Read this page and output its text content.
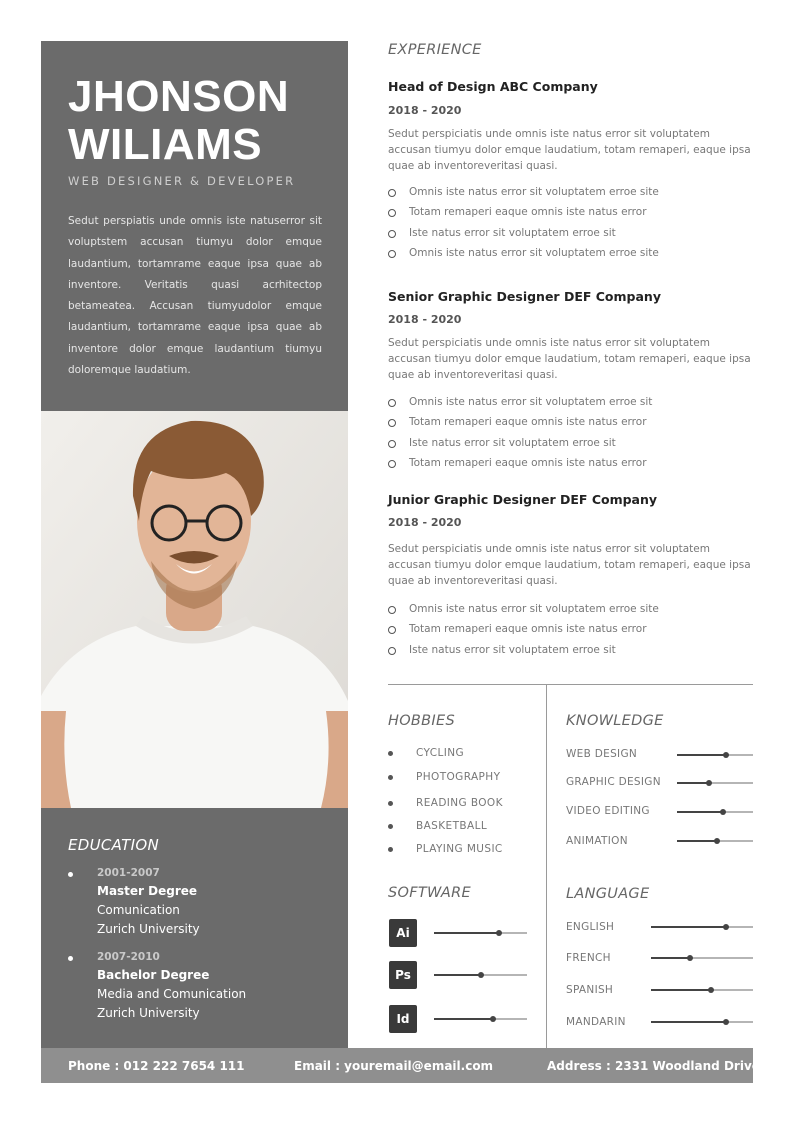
JHONSON
WILIAMS
WEB DESIGNER & DEVELOPER
Sedut perspiatis unde omnis iste natuserror sit voluptstem accusan tiumyu dolor emque laudantium, tortamrame eaque ipsa quae ab inventore. Veritatis quasi acrhitectop betameatea. Accusan tiumyudolor emque laudantium, tortamrame eaque ipsa quae ab inventore dolor emque laudantium tiumyu doloremque laudatium.
EDUCATION
2001-2007
Master Degree
Comunication
Zurich University
2007-2010
Bachelor Degree
Media and Comunication
Zurich University
Phone : 012 222 7654 111	Email : youremail@email.com	Address : 2331 Woodland Drive
EXPERIENCE
Head of Design ABC Company
2018 - 2020
Sedut perspiciatis unde omnis iste natus error sit voluptatem accusan tiumyu dolor emque laudatium, totam remaperi, eaque ipsa quae ab inventoreveritasi quasi.
Omnis iste natus error sit voluptatem erroe site
Totam remaperi eaque omnis iste natus error
Iste natus error sit voluptatem erroe sit
Omnis iste natus error sit voluptatem erroe site
Senior Graphic Designer DEF Company
2018 - 2020
Sedut perspiciatis unde omnis iste natus error sit voluptatem accusan tiumyu dolor emque laudatium, totam remaperi, eaque ipsa quae ab inventoreveritasi quasi.
Omnis iste natus error sit voluptatem erroe sit
Totam remaperi eaque omnis iste natus error
Iste natus error sit voluptatem erroe sit
Totam remaperi eaque omnis iste natus error
Junior Graphic Designer DEF Company
2018 - 2020
Sedut perspiciatis unde omnis iste natus error sit voluptatem accusan tiumyu dolor emque laudatium, totam remaperi, eaque ipsa quae ab inventoreveritasi quasi.
Omnis iste natus error sit voluptatem erroe site
Totam remaperi eaque omnis iste natus error
Iste natus error sit voluptatem erroe sit
HOBBIES
CYCLING
PHOTOGRAPHY
READING BOOK
BASKETBALL
PLAYING MUSIC
SOFTWARE
Ai
Ps
Id
KNOWLEDGE
WEB DESIGN
GRAPHIC DESIGN
VIDEO EDITING
ANIMATION
LANGUAGE
ENGLISH
FRENCH
SPANISH
MANDARIN
